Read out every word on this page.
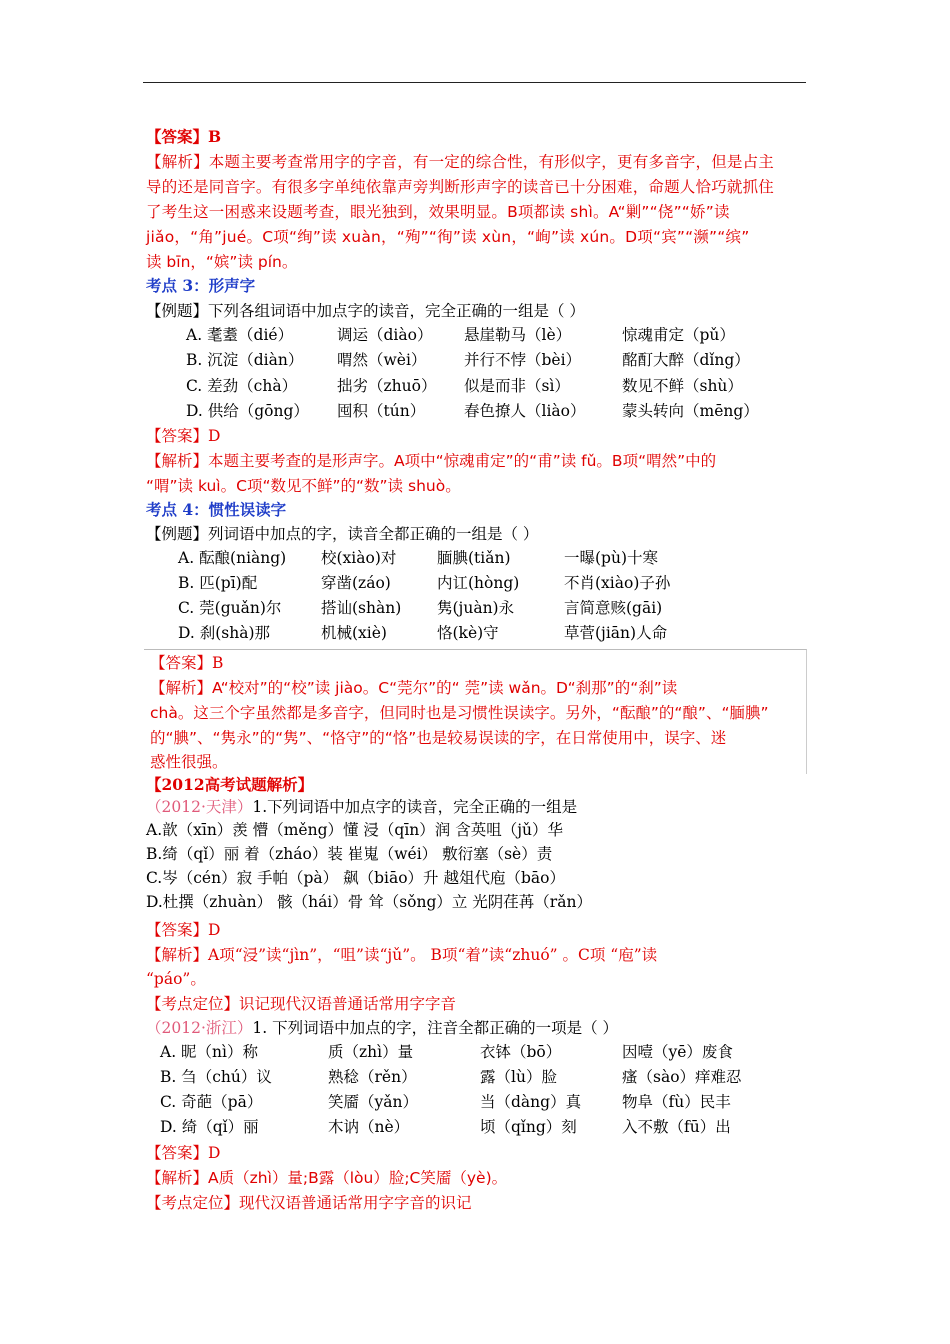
【答案】B
【解析】本题主要考查常用字的字音，有一定的综合性，有形似字，更有多音字，但是占主
导的还是同音字。有很多字单纯依靠声旁判断形声字的读音已十分困难，命题人恰巧就抓住
了考生这一困惑来设题考查，眼光独到，效果明显。B项都读 shì。A“剿”“侥”“娇”读
jiǎo，“角”jué。C项“绚”读 xuàn，“殉”“徇”读 xùn，“峋”读 xún。D项“宾”“濒”“缤”
读 bīn，“嫔”读 pín。
考点 3：形声字
【例题】下列各组词语中加点字的读音，完全正确的一组是（ ）
A. 耄耋（dié）	调运（diào） 悬崖勒马（lè）	惊魂甫定（pǔ）
B. 沉淀（diàn） 喟然（wèi） 并行不悖（bèi）	酩酊大醉（dǐng）
C. 差劲（chà）	拙劣（zhuō） 似是而非（sì）	数见不鲜（shù）
D. 供给（gōng） 囤积（tún）	春色撩人（liào） 蒙头转向（mēng）
【答案】D
【解析】本题主要考查的是形声字。A项中“惊魂甫定”的“甫”读 fǔ。B项“喟然”中的
“喟”读 kuì。C项“数见不鲜”的“数”读 shuò。
考点 4：惯性误读字
【例题】列词语中加点的字，读音全都正确的一组是（ ）
A. 酝酿(niàng) 校(xiào)对	腼腆(tiǎn)	一曝(pù)十寒
B. 匹(pī)配	穿凿(záo)	内讧(hòng)	不肖(xiào)子孙
C. 莞(guǎn)尔	搭讪(shàn) 隽(juàn)永	言简意赅(gāi)
D. 刹(shà)那	机械(xiè)	恪(kè)守	草菅(jiān)人命
【答案】B
【解析】A“校对”的“校”读 jiào。C“莞尔”的“ 莞”读 wǎn。D“刹那”的“刹”读
chà。这三个字虽然都是多音字，但同时也是习惯性误读字。另外，“酝酿”的“酿”、“腼腆”
的“腆”、“隽永”的“隽”、“恪守”的“恪”也是较易误读的字，在日常使用中，误字、迷
惑性很强。
【2012高考试题解析】
（2012·天津）1.下列词语中加点字的读音，完全正确的一组是
A.歆（xīn）羡 懵（měng）懂 浸（qīn）润 含英咀（jǔ）华
B.绮（qǐ）丽 着（zháo）装 崔嵬（wéi） 敷衍塞（sè）责
C.岑（cén）寂 手帕（pà） 飙（biāo）升 越俎代庖（bāo）
D.杜撰（zhuàn） 骸（hái）骨 耸（sǒng）立 光阴荏苒（rǎn）
【答案】D
【解析】A项“浸”读“jìn”，“咀”读“jǔ”。 B项“着”读“zhuó” 。C项 “庖”读
“páo”。
【考点定位】识记现代汉语普通话常用字字音
（2012·浙江）1. 下列词语中加点的字，注音全都正确的一项是（ ）
A. 昵（nì）称	质（zhì）量	衣钵（bō）	因噎（yē）废食
B. 刍（chú）议	熟稔（rěn）	露（lù）脸	瘙（sào）痒难忍
C. 奇葩（pā）	笑靥（yǎn）	当（dàng）真	物阜（fù）民丰
D. 绮（qǐ）丽	木讷（nè）	顷（qǐng）刻	入不敷（fū）出
【答案】D
【解析】A质（zhì）量;B露（lòu）脸;C笑靥（yè)。
【考点定位】现代汉语普通话常用字字音的识记
